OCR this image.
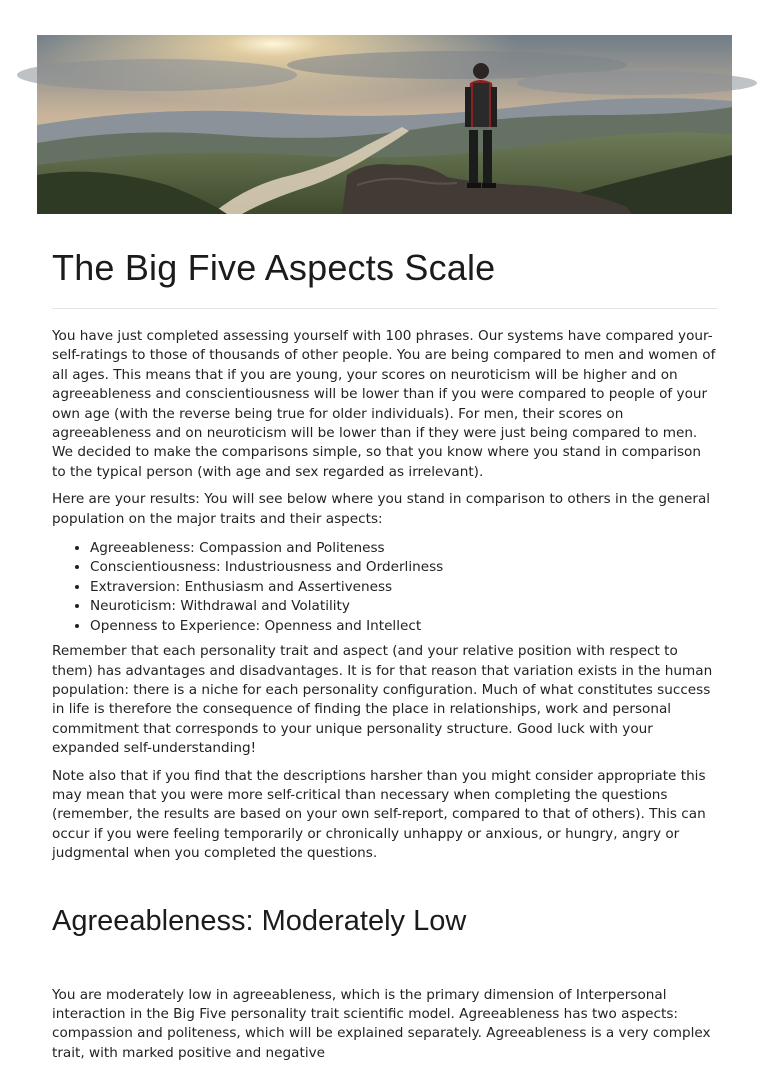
The Big Five Aspects Scale

You have just completed assessing yourself with 100 phrases. Our systems have compared your-self-ratings to those of thousands of other people. You are being compared to men and women of all ages. This means that if you are young, your scores on neuroticism will be higher and on agreeableness and conscientiousness will be lower than if you were compared to people of your own age (with the reverse being true for older individuals). For men, their scores on agreeableness and on neuroticism will be lower than if they were just being compared to men. We decided to make the comparisons simple, so that you know where you stand in comparison to the typical person (with age and sex regarded as irrelevant).

Here are your results: You will see below where you stand in comparison to others in the general population on the major traits and their aspects:

• Agreeableness: Compassion and Politeness
• Conscientiousness: Industriousness and Orderliness
• Extraversion: Enthusiasm and Assertiveness
• Neuroticism: Withdrawal and Volatility
• Openness to Experience: Openness and Intellect

Remember that each personality trait and aspect (and your relative position with respect to them) has advantages and disadvantages. It is for that reason that variation exists in the human population: there is a niche for each personality configuration. Much of what constitutes success in life is therefore the consequence of finding the place in relationships, work and personal commitment that corresponds to your unique personality structure. Good luck with your expanded self-understanding!

Note also that if you find that the descriptions harsher than you might consider appropriate this may mean that you were more self-critical than necessary when completing the questions (remember, the results are based on your own self-report, compared to that of others). This can occur if you were feeling temporarily or chronically unhappy or anxious, or hungry, angry or judgmental when you completed the questions.

Agreeableness: Moderately Low

You are moderately low in agreeableness, which is the primary dimension of Interpersonal interaction in the Big Five personality trait scientific model. Agreeableness has two aspects: compassion and politeness, which will be explained separately. Agreeableness is a very complex trait, with marked positive and negative
